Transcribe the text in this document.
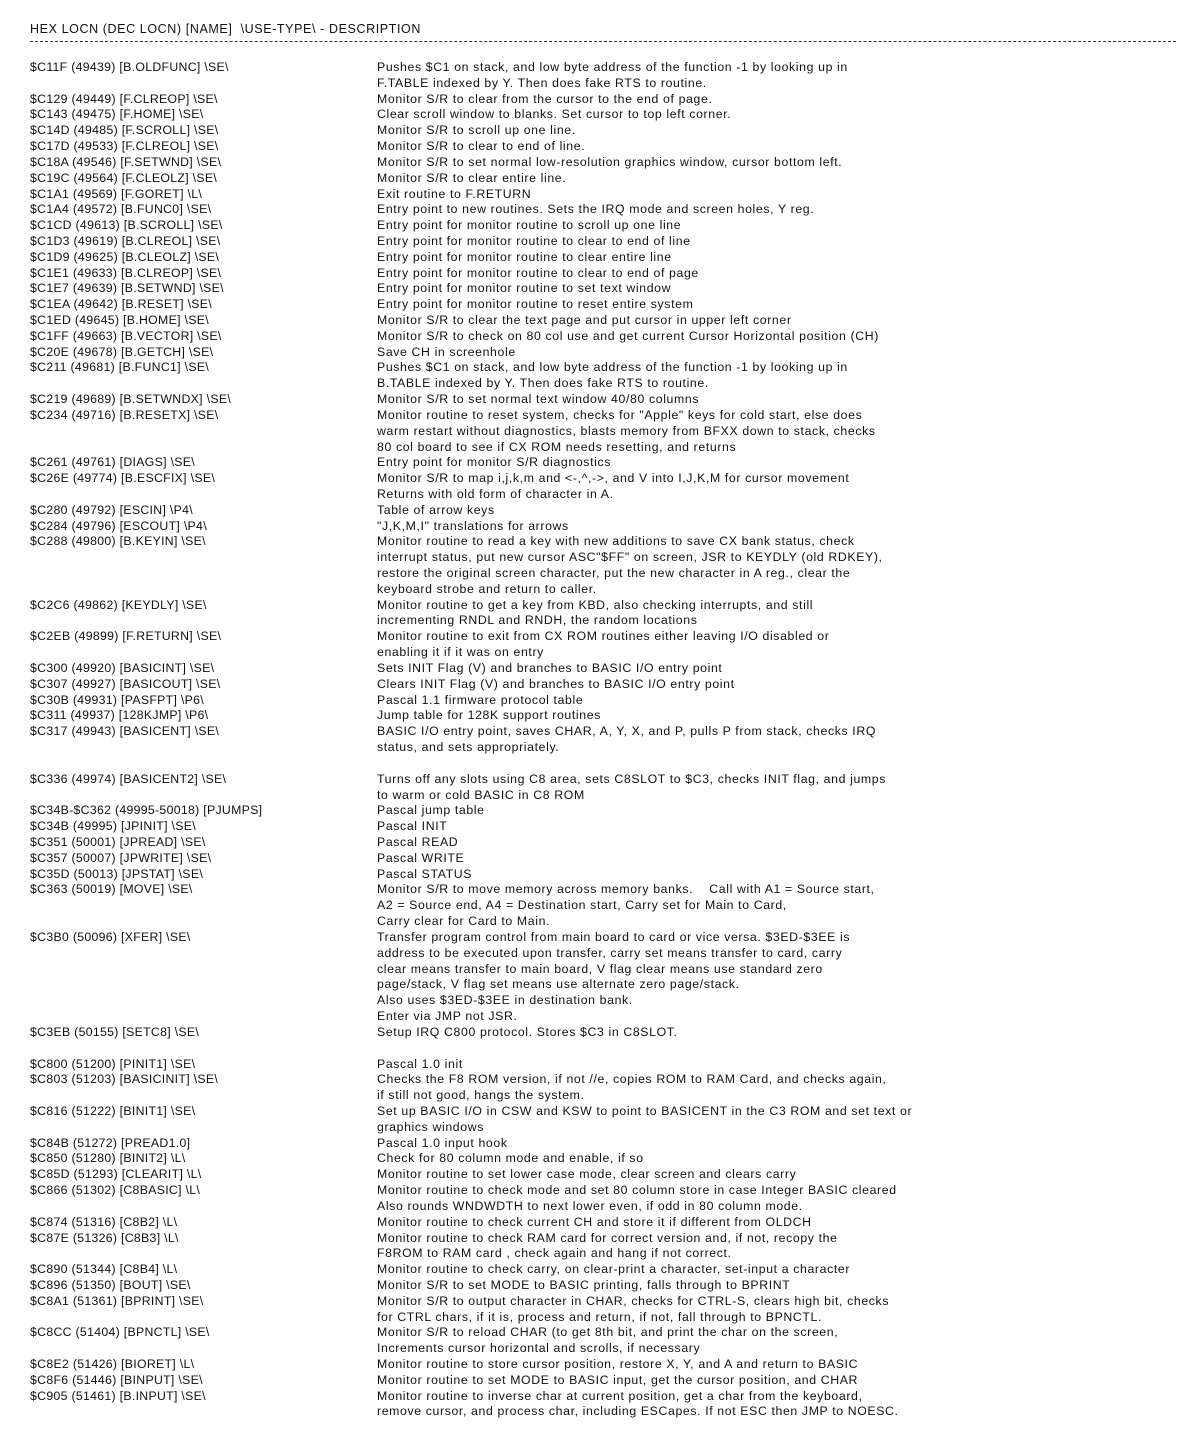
HEX LOCN (DEC LOCN) [NAME]  \USE-TYPE\ - DESCRIPTION
$C11F (49439) [B.OLDFUNC] \SE\	Pushes $C1 on stack, and low byte address of the function -1 by looking up in
F.TABLE indexed by Y. Then does fake RTS to routine.
$C129 (49449) [F.CLREOP] \SE\	Monitor S/R to clear from the cursor to the end of page.
$C143 (49475) [F.HOME] \SE\	Clear scroll window to blanks. Set cursor to top left corner.
$C14D (49485) [F.SCROLL] \SE\	Monitor S/R to scroll up one line.
$C17D (49533) [F.CLREOL] \SE\	Monitor S/R to clear to end of line.
$C18A (49546) [F.SETWND] \SE\	Monitor S/R to set normal low-resolution graphics window, cursor bottom left.
$C19C (49564) [F.CLEOLZ] \SE\	Monitor S/R to clear entire line.
$C1A1 (49569) [F.GORET] \L\	Exit routine to F.RETURN
$C1A4 (49572) [B.FUNC0] \SE\	Entry point to new routines. Sets the IRQ mode and screen holes, Y reg.
$C1CD (49613) [B.SCROLL] \SE\	Entry point for monitor routine to scroll up one line
$C1D3 (49619) [B.CLREOL] \SE\	Entry point for monitor routine to clear to end of line
$C1D9 (49625) [B.CLEOLZ] \SE\	Entry point for monitor routine to clear entire line
$C1E1 (49633) [B.CLREOP] \SE\	Entry point for monitor routine to clear to end of page
$C1E7 (49639) [B.SETWND] \SE\	Entry point for monitor routine to set text window
$C1EA (49642) [B.RESET] \SE\	Entry point for monitor routine to reset entire system
$C1ED (49645) [B.HOME] \SE\	Monitor S/R to clear the text page and put cursor in upper left corner
$C1FF (49663) [B.VECTOR] \SE\	Monitor S/R to check on 80 col use and get current Cursor Horizontal position (CH)
$C20E (49678) [B.GETCH] \SE\	Save CH in screenhole
$C211 (49681) [B.FUNC1] \SE\	Pushes $C1 on stack, and low byte address of the function -1 by looking up in
B.TABLE indexed by Y. Then does fake RTS to routine.
$C219 (49689) [B.SETWNDX] \SE\	Monitor S/R to set normal text window 40/80 columns
$C234 (49716) [B.RESETX] \SE\	Monitor routine to reset system, checks for "Apple" keys for cold start, else does
warm restart without diagnostics, blasts memory from BFXX down to stack, checks
80 col board to see if CX ROM needs resetting, and returns
$C261 (49761) [DIAGS] \SE\	Entry point for monitor S/R diagnostics
$C26E (49774) [B.ESCFIX] \SE\	Monitor S/R to map i,j,k,m and <-,^,->, and V into I,J,K,M for cursor movement
Returns with old form of character in A.
$C280 (49792) [ESCIN] \P4\	Table of arrow keys
$C284 (49796) [ESCOUT] \P4\	"J,K,M,I" translations for arrows
$C288 (49800) [B.KEYIN] \SE\	Monitor routine to read a key with new additions to save CX bank status, check
interrupt status, put new cursor ASC"$FF" on screen, JSR to KEYDLY (old RDKEY),
restore the original screen character, put the new character in A reg., clear the
keyboard strobe and return to caller.
$C2C6 (49862) [KEYDLY] \SE\	Monitor routine to get a key from KBD, also checking interrupts, and still
incrementing RNDL and RNDH, the random locations
$C2EB (49899) [F.RETURN] \SE\	Monitor routine to exit from CX ROM routines either leaving I/O disabled or
enabling it if it was on entry
$C300 (49920) [BASICINT] \SE\	Sets INIT Flag (V) and branches to BASIC I/O entry point
$C307 (49927) [BASICOUT] \SE\	Clears INIT Flag (V) and branches to BASIC I/O entry point
$C30B (49931) [PASFPT] \P6\	Pascal 1.1 firmware protocol table
$C311 (49937) [128KJMP] \P6\	Jump table for 128K support routines
$C317 (49943) [BASICENT] \SE\	BASIC I/O entry point, saves CHAR, A, Y, X, and P, pulls P from stack, checks IRQ
status, and sets appropriately.
$C336 (49974) [BASICENT2] \SE\	Turns off any slots using C8 area, sets C8SLOT to $C3, checks INIT flag, and jumps
to warm or cold BASIC in C8 ROM
$C34B-$C362 (49995-50018) [PJUMPS]	Pascal jump table
$C34B (49995) [JPINIT] \SE\	Pascal INIT
$C351 (50001) [JPREAD] \SE\	Pascal READ
$C357 (50007) [JPWRITE] \SE\	Pascal WRITE
$C35D (50013) [JPSTAT] \SE\	Pascal STATUS
$C363 (50019) [MOVE] \SE\	Monitor S/R to move memory across memory banks.    Call with A1 = Source start,
A2 = Source end, A4 = Destination start, Carry set for Main to Card,
Carry clear for Card to Main.
$C3B0 (50096) [XFER] \SE\	Transfer program control from main board to card or vice versa. $3ED-$3EE is
address to be executed upon transfer, carry set means transfer to card, carry
clear means transfer to main board, V flag clear means use standard zero
page/stack, V flag set means use alternate zero page/stack.
Also uses $3ED-$3EE in destination bank.
Enter via JMP not JSR.
$C3EB (50155) [SETC8] \SE\	Setup IRQ C800 protocol. Stores $C3 in C8SLOT.
$C800 (51200) [PINIT1] \SE\	Pascal 1.0 init
$C803 (51203) [BASICINIT] \SE\	Checks the F8 ROM version, if not //e, copies ROM to RAM Card, and checks again,
if still not good, hangs the system.
$C816 (51222) [BINIT1] \SE\	Set up BASIC I/O in CSW and KSW to point to BASICENT in the C3 ROM and set text or
graphics windows
$C84B (51272) [PREAD1.0]	Pascal 1.0 input hook
$C850 (51280) [BINIT2] \L\	Check for 80 column mode and enable, if so
$C85D (51293) [CLEARIT] \L\	Monitor routine to set lower case mode, clear screen and clears carry
$C866 (51302) [C8BASIC] \L\	Monitor routine to check mode and set 80 column store in case Integer BASIC cleared
Also rounds WNDWDTH to next lower even, if odd in 80 column mode.
$C874 (51316) [C8B2] \L\	Monitor routine to check current CH and store it if different from OLDCH
$C87E (51326) [C8B3] \L\	Monitor routine to check RAM card for correct version and, if not, recopy the
F8ROM to RAM card , check again and hang if not correct.
$C890 (51344) [C8B4] \L\	Monitor routine to check carry, on clear-print a character, set-input a character
$C896 (51350) [BOUT] \SE\	Monitor S/R to set MODE to BASIC printing, falls through to BPRINT
$C8A1 (51361) [BPRINT] \SE\	Monitor S/R to output character in CHAR, checks for CTRL-S, clears high bit, checks
for CTRL chars, if it is, process and return, if not, fall through to BPNCTL.
$C8CC (51404) [BPNCTL] \SE\	Monitor S/R to reload CHAR (to get 8th bit, and print the char on the screen,
Increments cursor horizontal and scrolls, if necessary
$C8E2 (51426) [BIORET] \L\	Monitor routine to store cursor position, restore X, Y, and A and return to BASIC
$C8F6 (51446) [BINPUT] \SE\	Monitor routine to set MODE to BASIC input, get the cursor position, and CHAR
$C905 (51461) [B.INPUT] \SE\	Monitor routine to inverse char at current position, get a char from the keyboard,
remove cursor, and process char, including ESCapes. If not ESC then JMP to NOESC.
